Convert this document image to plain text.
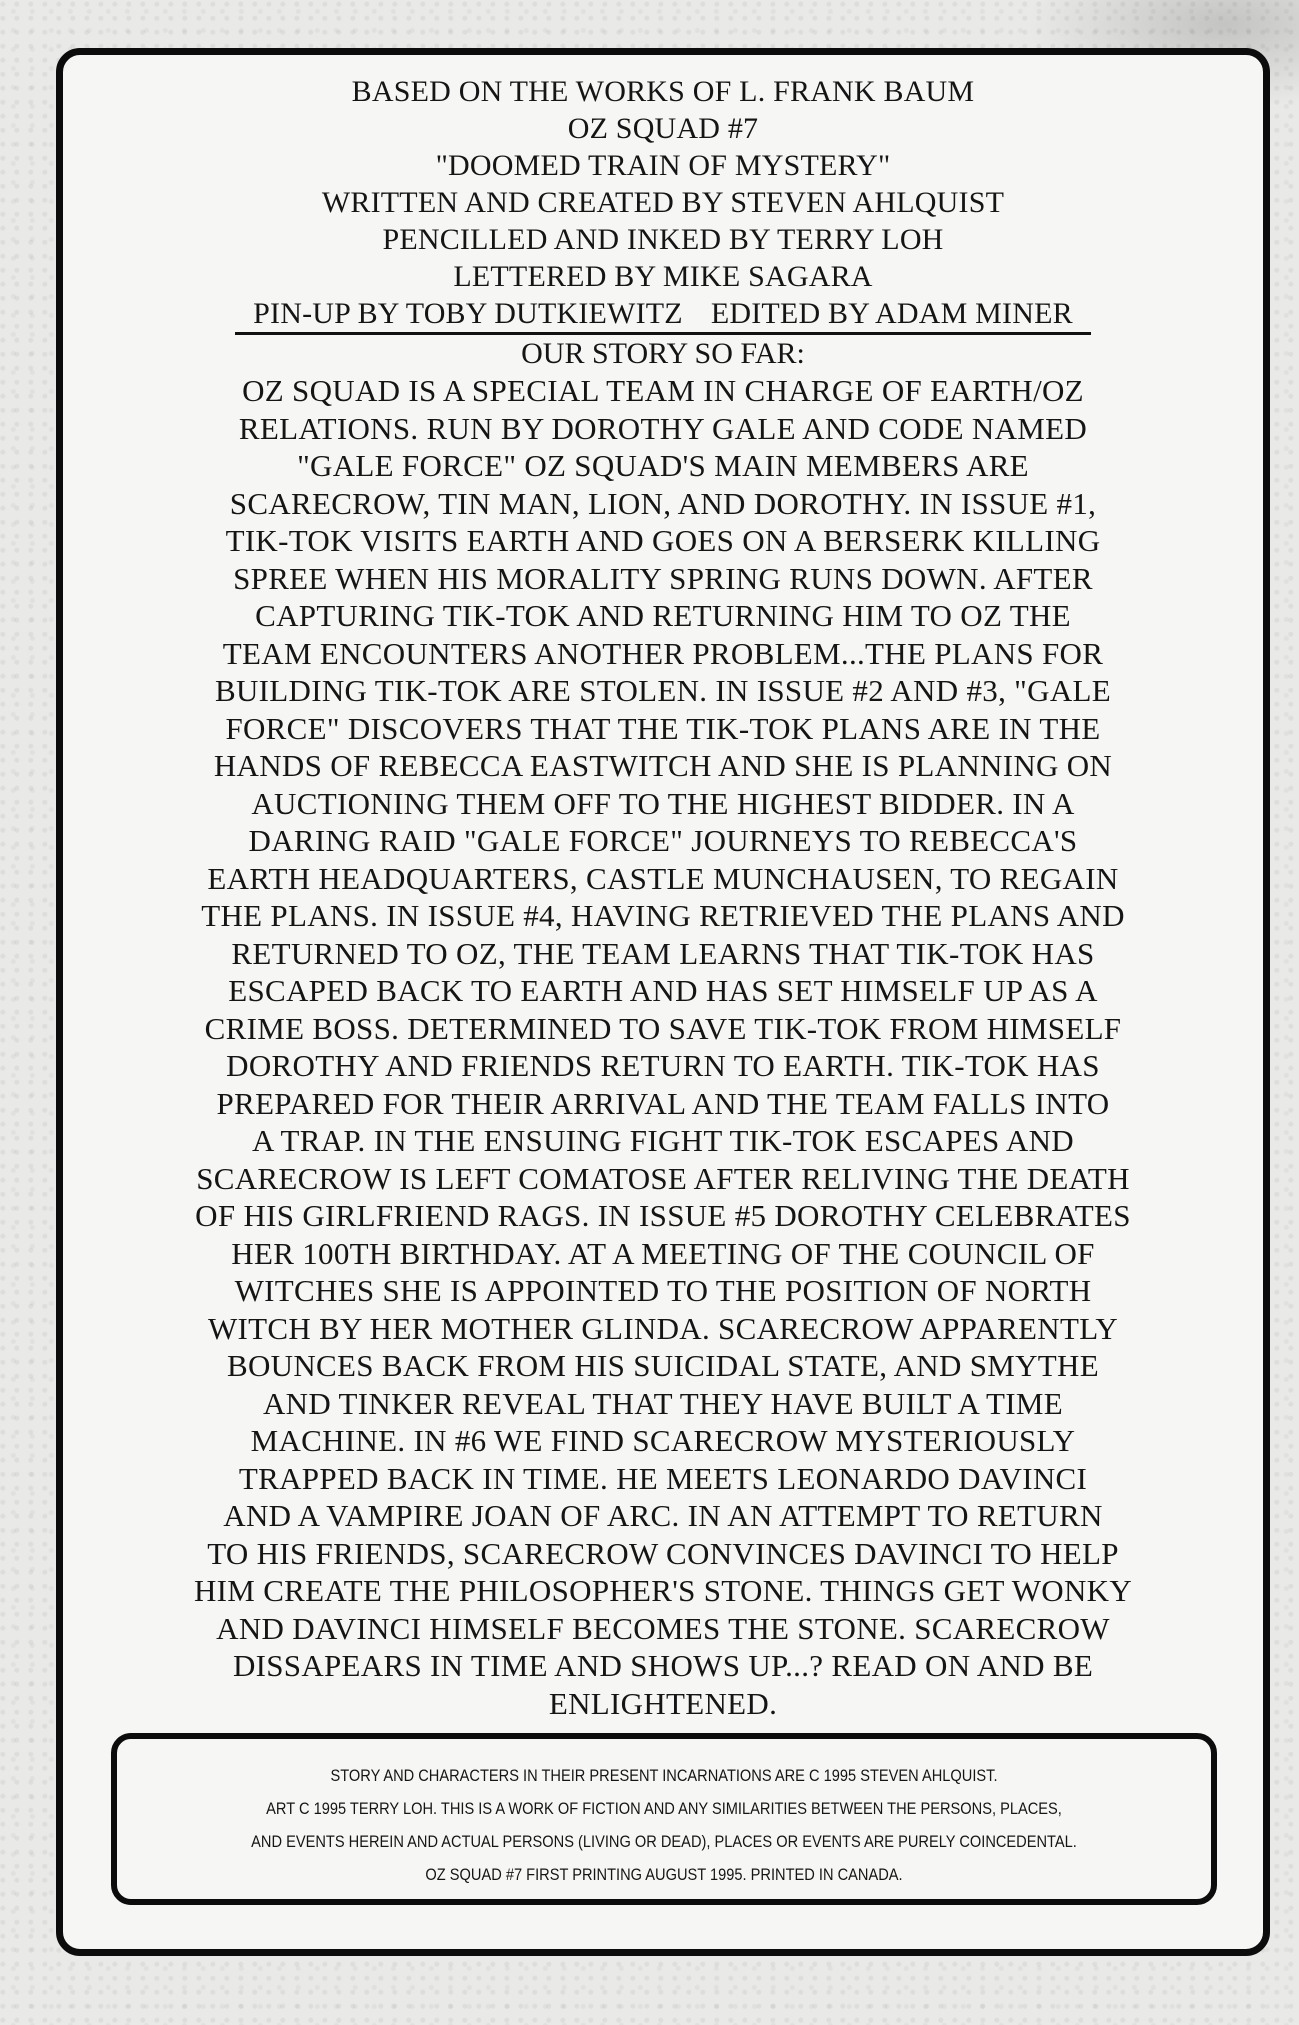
BASED ON THE WORKS OF L. FRANK BAUM
OZ SQUAD #7
"DOOMED TRAIN OF MYSTERY"
WRITTEN AND CREATED BY STEVEN AHLQUIST
PENCILLED AND INKED BY TERRY LOH
LETTERED BY MIKE SAGARA
PIN-UP BY TOBY DUTKIEWITZ EDITED BY ADAM MINER
OUR STORY SO FAR:
OZ SQUAD IS A SPECIAL TEAM IN CHARGE OF EARTH/OZ
RELATIONS. RUN BY DOROTHY GALE AND CODE NAMED
"GALE FORCE" OZ SQUAD'S MAIN MEMBERS ARE
SCARECROW, TIN MAN, LION, AND DOROTHY. IN ISSUE #1,
TIK-TOK VISITS EARTH AND GOES ON A BERSERK KILLING
SPREE WHEN HIS MORALITY SPRING RUNS DOWN. AFTER
CAPTURING TIK-TOK AND RETURNING HIM TO OZ THE
TEAM ENCOUNTERS ANOTHER PROBLEM...THE PLANS FOR
BUILDING TIK-TOK ARE STOLEN. IN ISSUE #2 AND #3, "GALE
FORCE" DISCOVERS THAT THE TIK-TOK PLANS ARE IN THE
HANDS OF REBECCA EASTWITCH AND SHE IS PLANNING ON
AUCTIONING THEM OFF TO THE HIGHEST BIDDER. IN A
DARING RAID "GALE FORCE" JOURNEYS TO REBECCA'S
EARTH HEADQUARTERS, CASTLE MUNCHAUSEN, TO REGAIN
THE PLANS. IN ISSUE #4, HAVING RETRIEVED THE PLANS AND
RETURNED TO OZ, THE TEAM LEARNS THAT TIK-TOK HAS
ESCAPED BACK TO EARTH AND HAS SET HIMSELF UP AS A
CRIME BOSS. DETERMINED TO SAVE TIK-TOK FROM HIMSELF
DOROTHY AND FRIENDS RETURN TO EARTH. TIK-TOK HAS
PREPARED FOR THEIR ARRIVAL AND THE TEAM FALLS INTO
A TRAP. IN THE ENSUING FIGHT TIK-TOK ESCAPES AND
SCARECROW IS LEFT COMATOSE AFTER RELIVING THE DEATH
OF HIS GIRLFRIEND RAGS. IN ISSUE #5 DOROTHY CELEBRATES
HER 100TH BIRTHDAY. AT A MEETING OF THE COUNCIL OF
WITCHES SHE IS APPOINTED TO THE POSITION OF NORTH
WITCH BY HER MOTHER GLINDA. SCARECROW APPARENTLY
BOUNCES BACK FROM HIS SUICIDAL STATE, AND SMYTHE
AND TINKER REVEAL THAT THEY HAVE BUILT A TIME
MACHINE. IN #6 WE FIND SCARECROW MYSTERIOUSLY
TRAPPED BACK IN TIME. HE MEETS LEONARDO DAVINCI
AND A VAMPIRE JOAN OF ARC. IN AN ATTEMPT TO RETURN
TO HIS FRIENDS, SCARECROW CONVINCES DAVINCI TO HELP
HIM CREATE THE PHILOSOPHER'S STONE. THINGS GET WONKY
AND DAVINCI HIMSELF BECOMES THE STONE. SCARECROW
DISSAPEARS IN TIME AND SHOWS UP...? READ ON AND BE
ENLIGHTENED.
STORY AND CHARACTERS IN THEIR PRESENT INCARNATIONS ARE C 1995 STEVEN AHLQUIST.
ART C 1995 TERRY LOH. THIS IS A WORK OF FICTION AND ANY SIMILARITIES BETWEEN THE PERSONS, PLACES,
AND EVENTS HEREIN AND ACTUAL PERSONS (LIVING OR DEAD), PLACES OR EVENTS ARE PURELY COINCEDENTAL.
OZ SQUAD #7 FIRST PRINTING AUGUST 1995. PRINTED IN CANADA.
